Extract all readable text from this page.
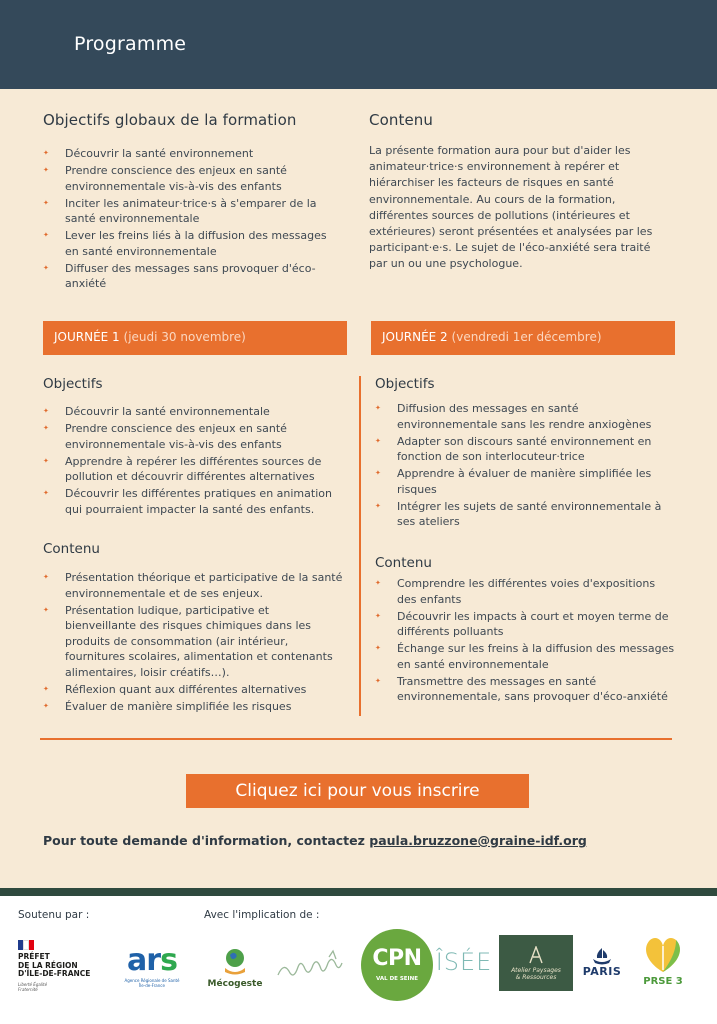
Programme
Objectifs globaux de la formation
✦ Découvrir la santé environnement
✦ Prendre conscience des enjeux en santé environnementale vis-à-vis des enfants
✦ Inciter les animateur·trice·s à s'emparer de la santé environnementale
✦ Lever les freins liés à la diffusion des messages en santé environnementale
✦ Diffuser des messages sans provoquer d'éco-anxiété
Contenu
La présente formation aura pour but d'aider les animateur·trice·s environnement à repérer et hiérarchiser les facteurs de risques en santé environnementale. Au cours de la formation, différentes sources de pollutions (intérieures et extérieures) seront présentées et analysées par les participant·e·s. Le sujet de l'éco-anxiété sera traité par un ou une psychologue.
JOURNÉE 1 (jeudi 30 novembre)	JOURNÉE 2 (vendredi 1er décembre)
Objectifs
✦ Découvrir la santé environnementale
✦ Prendre conscience des enjeux en santé environnementale vis-à-vis des enfants
✦ Apprendre à repérer les différentes sources de pollution et découvrir différentes alternatives
✦ Découvrir les différentes pratiques en animation qui pourraient impacter la santé des enfants.
Contenu
✦ Présentation théorique et participative de la santé environnementale et de ses enjeux.
✦ Présentation ludique, participative et bienveillante des risques chimiques dans les produits de consommation (air intérieur, fournitures scolaires, alimentation et contenants alimentaires, loisir créatifs…).
✦ Réflexion quant aux différentes alternatives
✦ Évaluer de manière simplifiée les risques
Objectifs
✦ Diffusion des messages en santé environnementale sans les rendre anxiogènes
✦ Adapter son discours santé environnement en fonction de son interlocuteur·trice
✦ Apprendre à évaluer de manière simplifiée les risques
✦ Intégrer les sujets de santé environnementale à ses ateliers
Contenu
✦ Comprendre les différentes voies d'expositions des enfants
✦ Découvrir les impacts à court et moyen terme de différents polluants
✦ Échange sur les freins à la diffusion des messages en santé environnementale
✦ Transmettre des messages en santé environnementale, sans provoquer d'éco-anxiété
Cliquez ici pour vous inscrire
Pour toute demande d'information, contactez paula.bruzzone@graine-idf.org
Soutenu par :	Avec l'implication de :
PRÉFET
DE LA RÉGION
D'ÎLE-DE-FRANCE
Liberté Égalité Fraternité
ars
Agence Régionale de Santé Île-de-France	Mécogeste
CPN
VAL DE SEINE
ÎSÉE	Atelier Paysages
& Ressources	PARIS
PRSE 3
